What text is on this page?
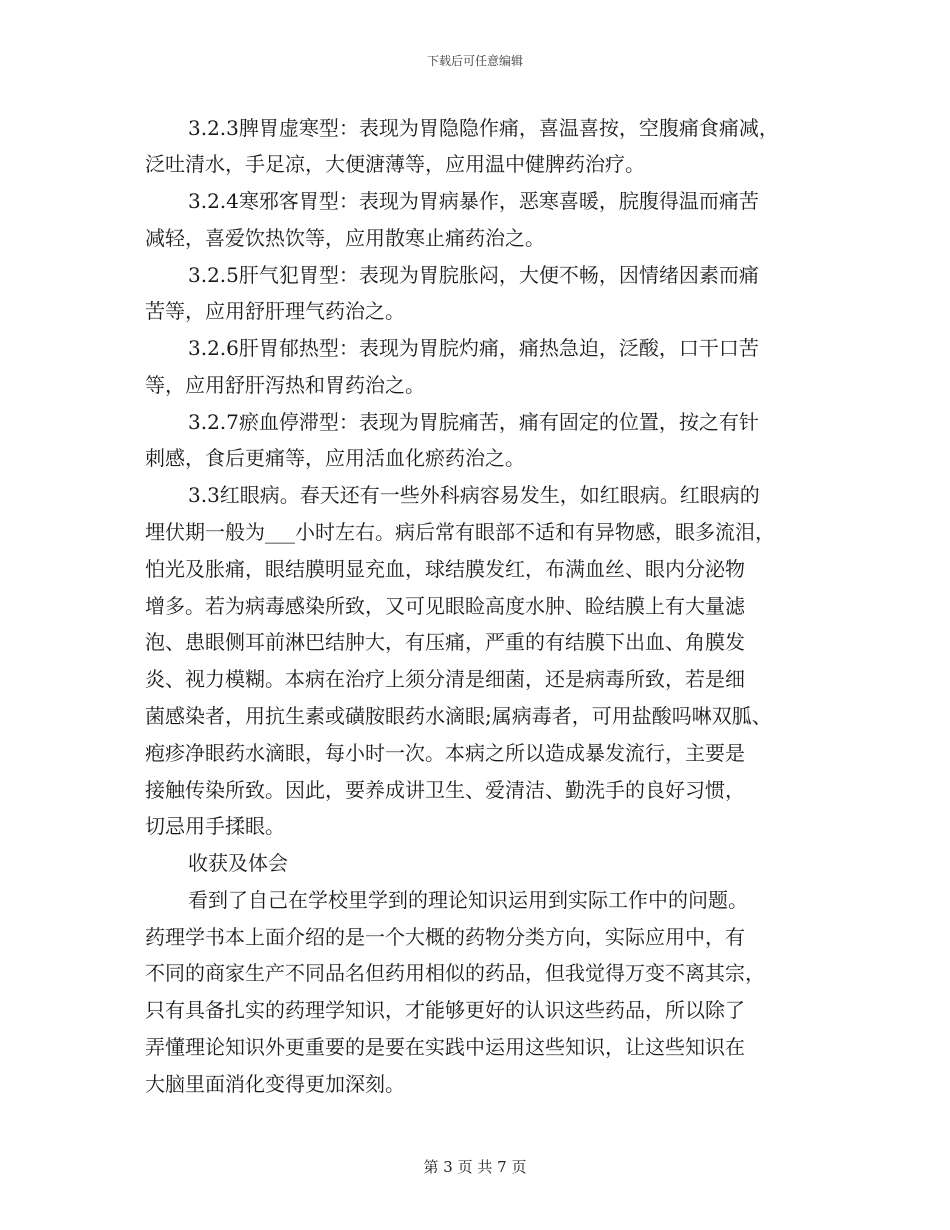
下载后可任意编辑
3.2.3脾胃虚寒型：表现为胃隐隐作痛，喜温喜按，空腹痛食痛减，
泛吐清水，手足凉，大便溏薄等，应用温中健脾药治疗。
3.2.4寒邪客胃型：表现为胃病暴作，恶寒喜暖，脘腹得温而痛苦
减轻，喜爱饮热饮等，应用散寒止痛药治之。
3.2.5肝气犯胃型：表现为胃脘胀闷，大便不畅，因情绪因素而痛
苦等，应用舒肝理气药治之。
3.2.6肝胃郁热型：表现为胃脘灼痛，痛热急迫，泛酸，口干口苦
等，应用舒肝泻热和胃药治之。
3.2.7瘀血停滞型：表现为胃脘痛苦，痛有固定的位置，按之有针
刺感，食后更痛等，应用活血化瘀药治之。
3.3红眼病。春天还有一些外科病容易发生，如红眼病。红眼病的
埋伏期一般为___小时左右。病后常有眼部不适和有异物感，眼多流泪，
怕光及胀痛，眼结膜明显充血，球结膜发红，布满血丝、眼内分泌物
增多。若为病毒感染所致，又可见眼睑高度水肿、睑结膜上有大量滤
泡、患眼侧耳前淋巴结肿大，有压痛，严重的有结膜下出血、角膜发
炎、视力模糊。本病在治疗上须分清是细菌，还是病毒所致，若是细
菌感染者，用抗生素或磺胺眼药水滴眼;属病毒者，可用盐酸吗啉双胍、
疱疹净眼药水滴眼，每小时一次。本病之所以造成暴发流行，主要是
接触传染所致。因此，要养成讲卫生、爱清洁、勤洗手的良好习惯，
切忌用手揉眼。
收获及体会
看到了自己在学校里学到的理论知识运用到实际工作中的问题。
药理学书本上面介绍的是一个大概的药物分类方向，实际应用中，有
不同的商家生产不同品名但药用相似的药品，但我觉得万变不离其宗，
只有具备扎实的药理学知识，才能够更好的认识这些药品，所以除了
弄懂理论知识外更重要的是要在实践中运用这些知识，让这些知识在
大脑里面消化变得更加深刻。
第 3 页 共 7 页
